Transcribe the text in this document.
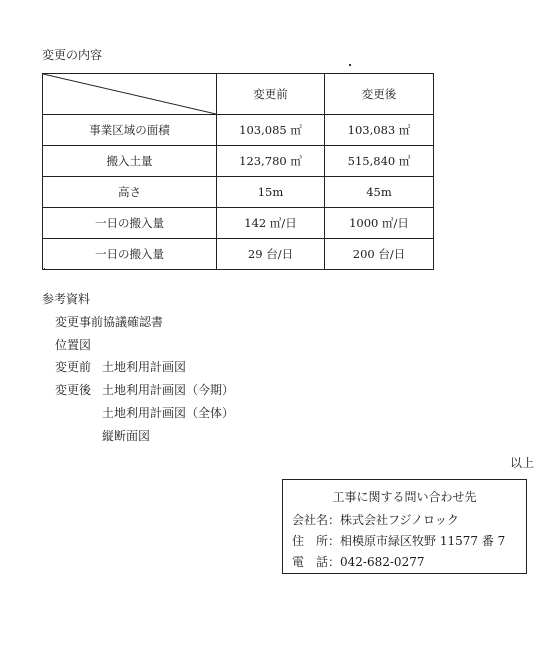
変更の内容
	変更前	変更後
事業区域の面積	103,085 ㎡	103,083 ㎡
搬入土量	123,780 ㎥	515,840 ㎥
高さ	15m	45m
一日の搬入量	142 ㎥/日	1000 ㎥/日
一日の搬入量	29 台/日	200 台/日
参考資料
変更事前協議確認書
位置図
変更前 土地利用計画図
変更後 土地利用計画図（今期）
土地利用計画図（全体）
縦断面図
以上
工事に関する問い合わせ先
会社名：株式会社フジノロック
住　所：相模原市緑区牧野 11577 番 7
電　話：042-682-0277
